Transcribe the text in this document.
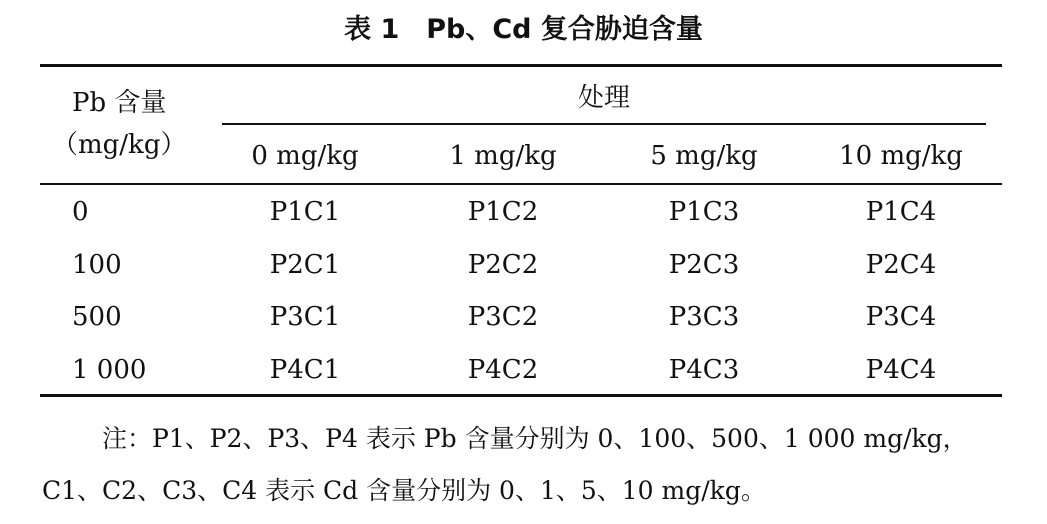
表 1　Pb、Cd 复合胁迫含量
Pb 含量
（mg/kg）
处理
0 mg/kg	1 mg/kg	5 mg/kg	10 mg/kg
0	P1C1	P1C2	P1C3	P1C4
100	P2C1	P2C2	P2C3	P2C4
500	P3C1	P3C2	P3C3	P3C4
1 000	P4C1	P4C2	P4C3	P4C4
注：P1、P2、P3、P4 表示 Pb 含量分别为 0、100、500、1 000 mg/kg，
C1、C2、C3、C4 表示 Cd 含量分别为 0、1、5、10 mg/kg。
